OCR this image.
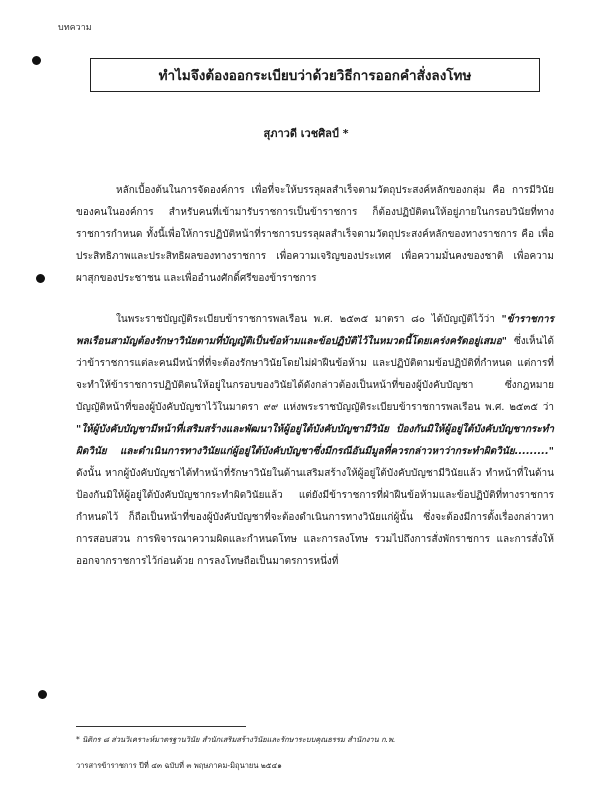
บทความ
ทำไมจึงต้องออกระเบียบว่าด้วยวิธีการออกคำสั่งลงโทษ
สุภาวดี เวชศิลป์ *

หลักเบื้องต้นในการจัดองค์การ เพื่อที่จะให้บรรลุผลสำเร็จตามวัตถุประสงค์หลักของกลุ่ม คือ การมีวินัยของคนในองค์การ สำหรับคนที่เข้ามารับราชการเป็นข้าราชการ ก็ต้องปฏิบัติตนให้อยู่ภายในกรอบวินัยที่ทางราชการกำหนด ทั้งนี้เพื่อให้การปฏิบัติหน้าที่ราชการบรรลุผลสำเร็จตามวัตถุประสงค์หลักของทางราชการ คือ เพื่อประสิทธิภาพและประสิทธิผลของทางราชการ เพื่อความเจริญของประเทศ เพื่อความมั่นคงของชาติ เพื่อความผาสุกของประชาชน และเพื่ออำนงศักดิ์ศรีของข้าราชการ

ในพระราชบัญญัติระเบียบข้าราชการพลเรือน พ.ศ. ๒๕๓๕ มาตรา ๘๐ ได้บัญญัติไว้ว่า "ข้าราชการพลเรือนสามัญต้องรักษาวินัยตามที่บัญญัติเป็นข้อห้ามและข้อปฏิบัติไว้ในหมวดนี้โดยเคร่งครัดอยู่เสมอ" ซึ่งเห็นได้ว่าข้าราชการแต่ละคนมีหน้าที่ที่จะต้องรักษาวินัยโดยไม่ฝ่าฝืนข้อห้าม และปฏิบัติตามข้อปฏิบัติที่กำหนด แต่การที่จะทำให้ข้าราชการปฏิบัติตนให้อยู่ในกรอบของวินัยได้ดังกล่าวต้องเป็นหน้าที่ของผู้บังคับบัญชา ซึ่งกฎหมายบัญญัติหน้าที่ของผู้บังคับบัญชาไว้ในมาตรา ๙๙ แห่งพระราชบัญญัติระเบียบข้าราชการพลเรือน พ.ศ. ๒๕๓๕ ว่า "ให้ผู้บังคับบัญชามีหน้าที่เสริมสร้างและพัฒนาให้ผู้อยู่ใต้บังคับบัญชามีวินัย ป้องกันมิให้ผู้อยู่ใต้บังคับบัญชากระทำผิดวินัย และดำเนินการทางวินัยแก่ผู้อยู่ใต้บังคับบัญชาซึ่งมีกรณีอันมีมูลที่ควรกล่าวหาว่ากระทำผิดวินัย........." ดังนั้น หากผู้บังคับบัญชาได้ทำหน้าที่รักษาวินัยในด้านเสริมสร้างให้ผู้อยู่ใต้บังคับบัญชามีวินัยแล้ว ทำหน้าที่ในด้านป้องกันมิให้ผู้อยู่ใต้บังคับบัญชากระทำผิดวินัยแล้ว แต่ยังมีข้าราชการที่ฝ่าฝืนข้อห้ามและข้อปฏิบัติที่ทางราชการกำหนดไว้ ก็ถือเป็นหน้าที่ของผู้บังคับบัญชาที่จะต้องดำเนินการทางวินัยแก่ผู้นั้น ซึ่งจะต้องมีการตั้งเรื่องกล่าวหา การสอบสวน การพิจารณาความผิดและกำหนดโทษ และการลงโทษ รวมไปถึงการสั่งพักราชการ และการสั่งให้ออกจากราชการไว้ก่อนด้วย การลงโทษถือเป็นมาตรการหนึ่งที่

* นิติกร ๘ ส่วนวิเคราะห์มาตรฐานวินัย สำนักเสริมสร้างวินัยและรักษาระบบคุณธรรม สำนักงาน ก.พ.
วารสารข้าราชการ ปีที่ ๔๓ ฉบับที่ ๓ พฤษภาคม-มิถุนายน ๒๕๔๑
